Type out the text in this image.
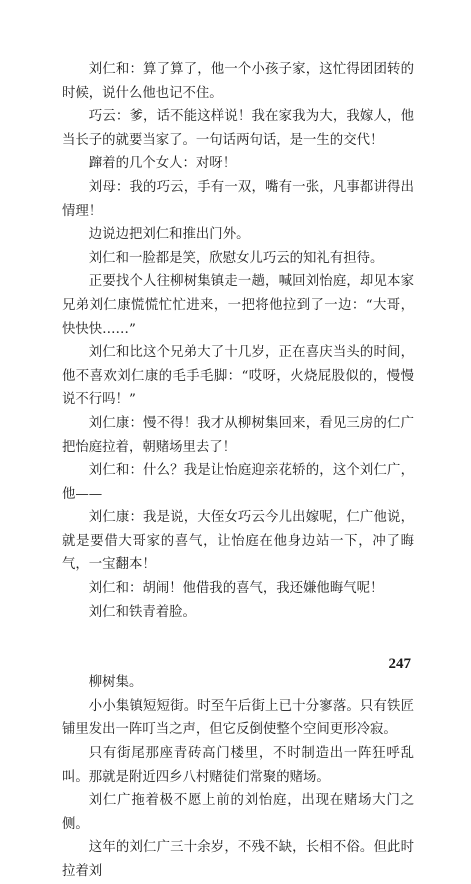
刘仁和：算了算了，他一个小孩子家，这忙得团团转的时候，说什么他也记不住。

巧云：爹，话不能这样说！我在家我为大，我嫁人，他当长子的就要当家了。一句话两句话，是一生的交代！

蹿着的几个女人：对呀！

刘母：我的巧云，手有一双，嘴有一张，凡事都讲得出情理！

边说边把刘仁和推出门外。

刘仁和一脸都是笑，欣慰女儿巧云的知礼有担待。

正要找个人往柳树集镇走一趟，喊回刘怡庭，却见本家兄弟刘仁康慌慌忙忙进来，一把将他拉到了一边：“大哥，快快快……”

刘仁和比这个兄弟大了十几岁，正在喜庆当头的时间，他不喜欢刘仁康的毛手毛脚：“哎呀，火烧屁股似的，慢慢说不行吗！”

刘仁康：慢不得！我才从柳树集回来，看见三房的仁广把怡庭拉着，朝赌场里去了！

刘仁和：什么？我是让怡庭迎亲花轿的，这个刘仁广，他——

刘仁康：我是说，大侄女巧云今儿出嫁呢，仁广他说，就是要借大哥家的喜气，让怡庭在他身边站一下，冲了晦气，一宝翻本！

刘仁和：胡闹！他借我的喜气，我还嫌他晦气呢！

刘仁和铁青着脸。

柳树集。

小小集镇短短街。时至午后街上已十分寥落。只有铁匠铺里发出一阵叮当之声，但它反倒使整个空间更形冷寂。

只有街尾那座青砖高门楼里，不时制造出一阵狂呼乱叫。那就是附近四乡八村赌徒们常聚的赌场。

刘仁广拖着极不愿上前的刘怡庭，出现在赌场大门之侧。

这年的刘仁广三十余岁，不残不缺，长相不俗。但此时拉着刘

247
